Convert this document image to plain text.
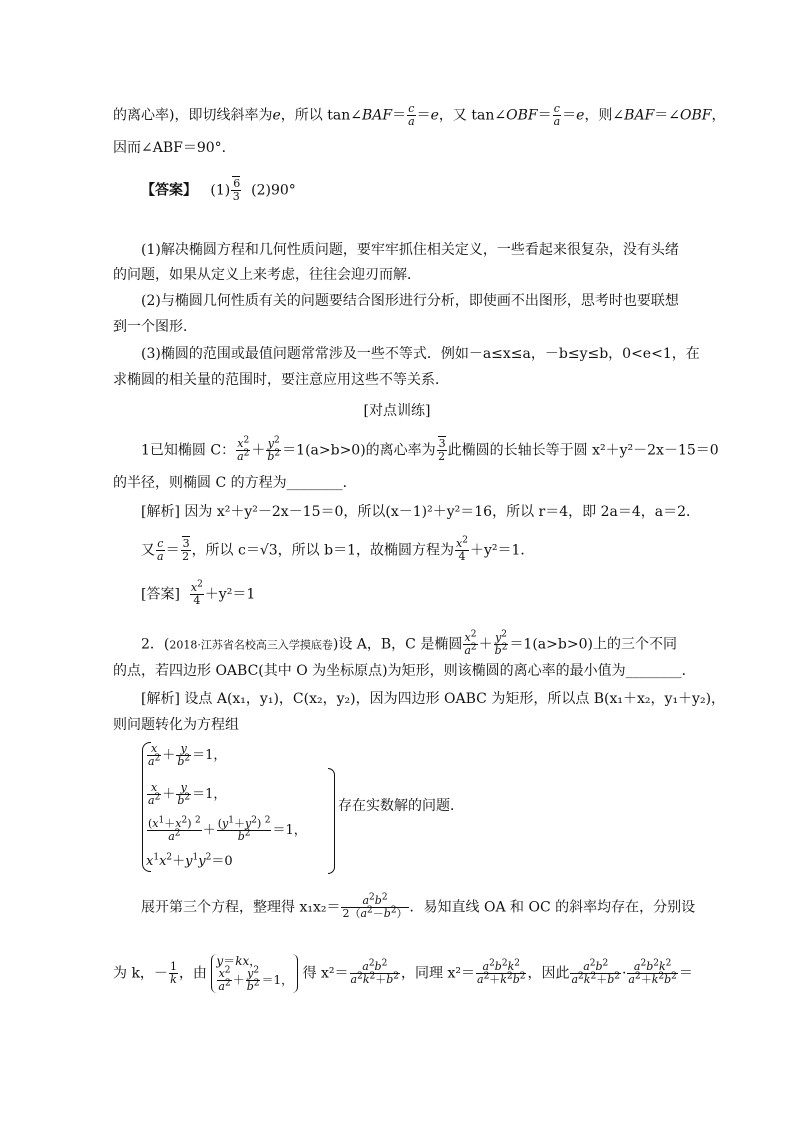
的离心率)，即切线斜率为e，所以 tan∠BAF＝ $\frac{c}{a} =e$，又 tan∠OBF＝ $\frac{c}{a} =e$，则∠BAF＝∠OBF，
因而∠ABF＝90°．
【答案】 $(1) \frac{6}{3} (2)90^\circ$
(1)解决椭圆方程和几何性质问题，要牢牢抓住相关定义，一些看起来很复杂，没有头绪
的问题，如果从定义上来考虑，往往会迎刃而解．
(2)与椭圆几何性质有关的问题要结合图形进行分析，即使画不出图形，思考时也要联想
到一个图形．
(3)椭圆的范围或最值问题常常涉及一些不等式．例如－a≤x≤a，－b≤y≤b，0<e<1，在
求椭圆的相关量的范围时，要注意应用这些不等关系．
[对点训练]
1已知椭圆 C： $\frac{x^2}{a^2} + \frac{y^2}{b^2} =1(a>b>0)$的离心率为 $\frac{3}{2}$ 此椭圆的长轴长等于圆 x²＋y²－2x－15＝0
的半径，则椭圆 C 的方程为________．
[解析] 因为 x²＋y²－2x－15＝0，所以(x－1)²＋y²＝16，所以 r＝4，即 2a＝4，a＝2．
又 $\frac{c}{a} = \frac{3}{2}$ ，所以 c＝√3，所以 b＝1，故椭圆方程为 $\frac{x^2}{4} +y^2=1$．
[答案] $\frac{x^2}{4} +y^2=1$
2．(2018·江苏省名校高三入学摸底卷)设 A，B，C 是椭圆 $\frac{x^2}{a^2} + \frac{y^2}{b^2} =1(a>b>0)$上的三个不同
的点，若四边形 OABC(其中 O 为坐标原点)为矩形，则该椭圆的离心率的最小值为________．
[解析] 设点 A(x₁，y₁)，C(x₂，y₂)，因为四边形 OABC 为矩形，所以点 B(x₁＋x₂，y₁＋y₂)，
则问题转化为方程组
$\frac{x}{a^2} + \frac{y}{b^2} =1$，
$\frac{x}{a^2} + \frac{y}{b^2} =1$，
$\frac{(x^1+x^2) ^2}{a^2} + \frac{(y^1+y^2) ^2}{b^2} =1$，
$x^1x^2+y^1y^2=0$
存在实数解的问题．
展开第三个方程，整理得 $x_1x_2= \frac{a^2b^2}{2(a^2-b^2)}$ ．易知直线 OA 和 OC 的斜率均存在，分别设
为 k，－ $\frac{1}{k}$ ，由
y＝kx，
$\frac{x^2}{a^2} + \frac{y^2}{b^2} =1$， 得 $x^2= \frac{a^2b^2}{a^2k^2+b^2}$ ，同理 $x^2= \frac{a^2b^2k^2}{a^2+k^2b^2}$ ，因此 $\frac{a^2b^2}{a^2k^2+b^2} \cdot \frac{a^2b^2k^2}{a^2+k^2b^2}$ ＝
